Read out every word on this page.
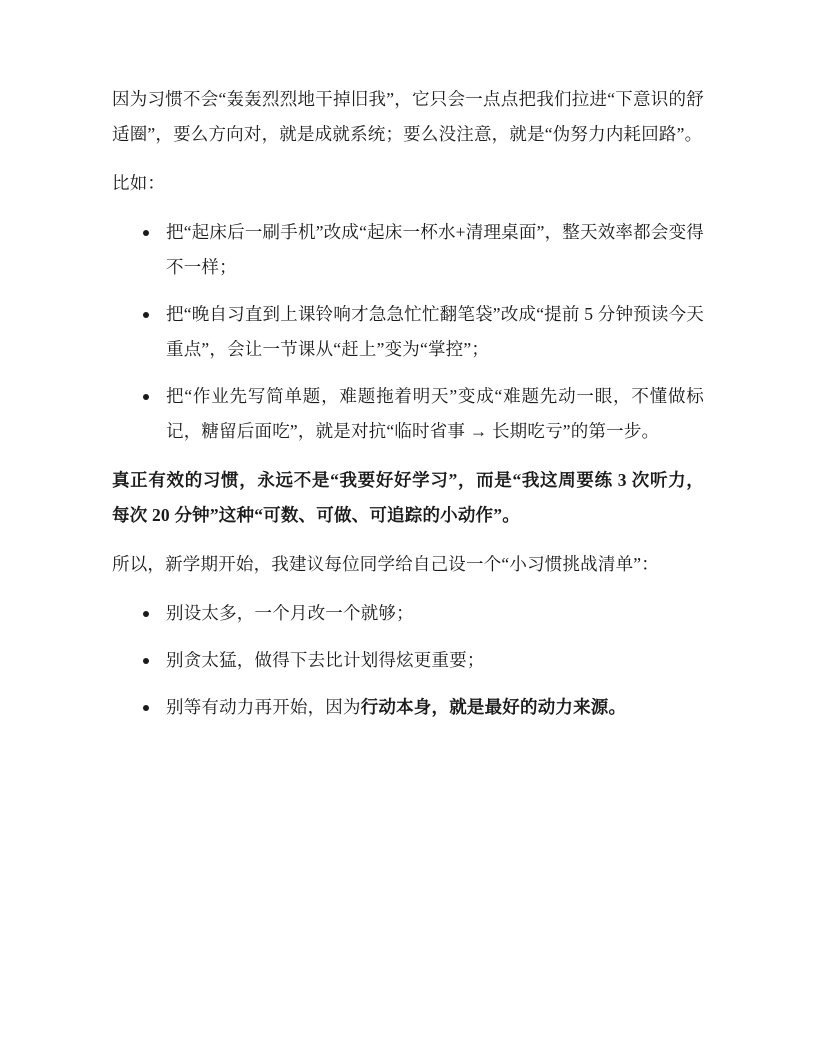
因为习惯不会“轰轰烈烈地干掉旧我”，它只会一点点把我们拉进“下意识的舒适圈”，要么方向对，就是成就系统；要么没注意，就是“伪努力内耗回路”。

比如：

把“起床后一刷手机”改成“起床一杯水+清理桌面”，整天效率都会变得不一样；
把“晚自习直到上课铃响才急急忙忙翻笔袋”改成“提前 5 分钟预读今天重点”，会让一节课从“赶上”变为“掌控”；
把“作业先写简单题，难题拖着明天”变成“难题先动一眼，不懂做标记，糖留后面吃”，就是对抗“临时省事 → 长期吃亏”的第一步。

真正有效的习惯，永远不是“我要好好学习”，而是“我这周要练 3 次听力，每次 20 分钟”这种“可数、可做、可追踪的小动作”。

所以，新学期开始，我建议每位同学给自己设一个“小习惯挑战清单”：

别设太多，一个月改一个就够；
别贪太猛，做得下去比计划得炫更重要；
别等有动力再开始，因为行动本身，就是最好的动力来源。
